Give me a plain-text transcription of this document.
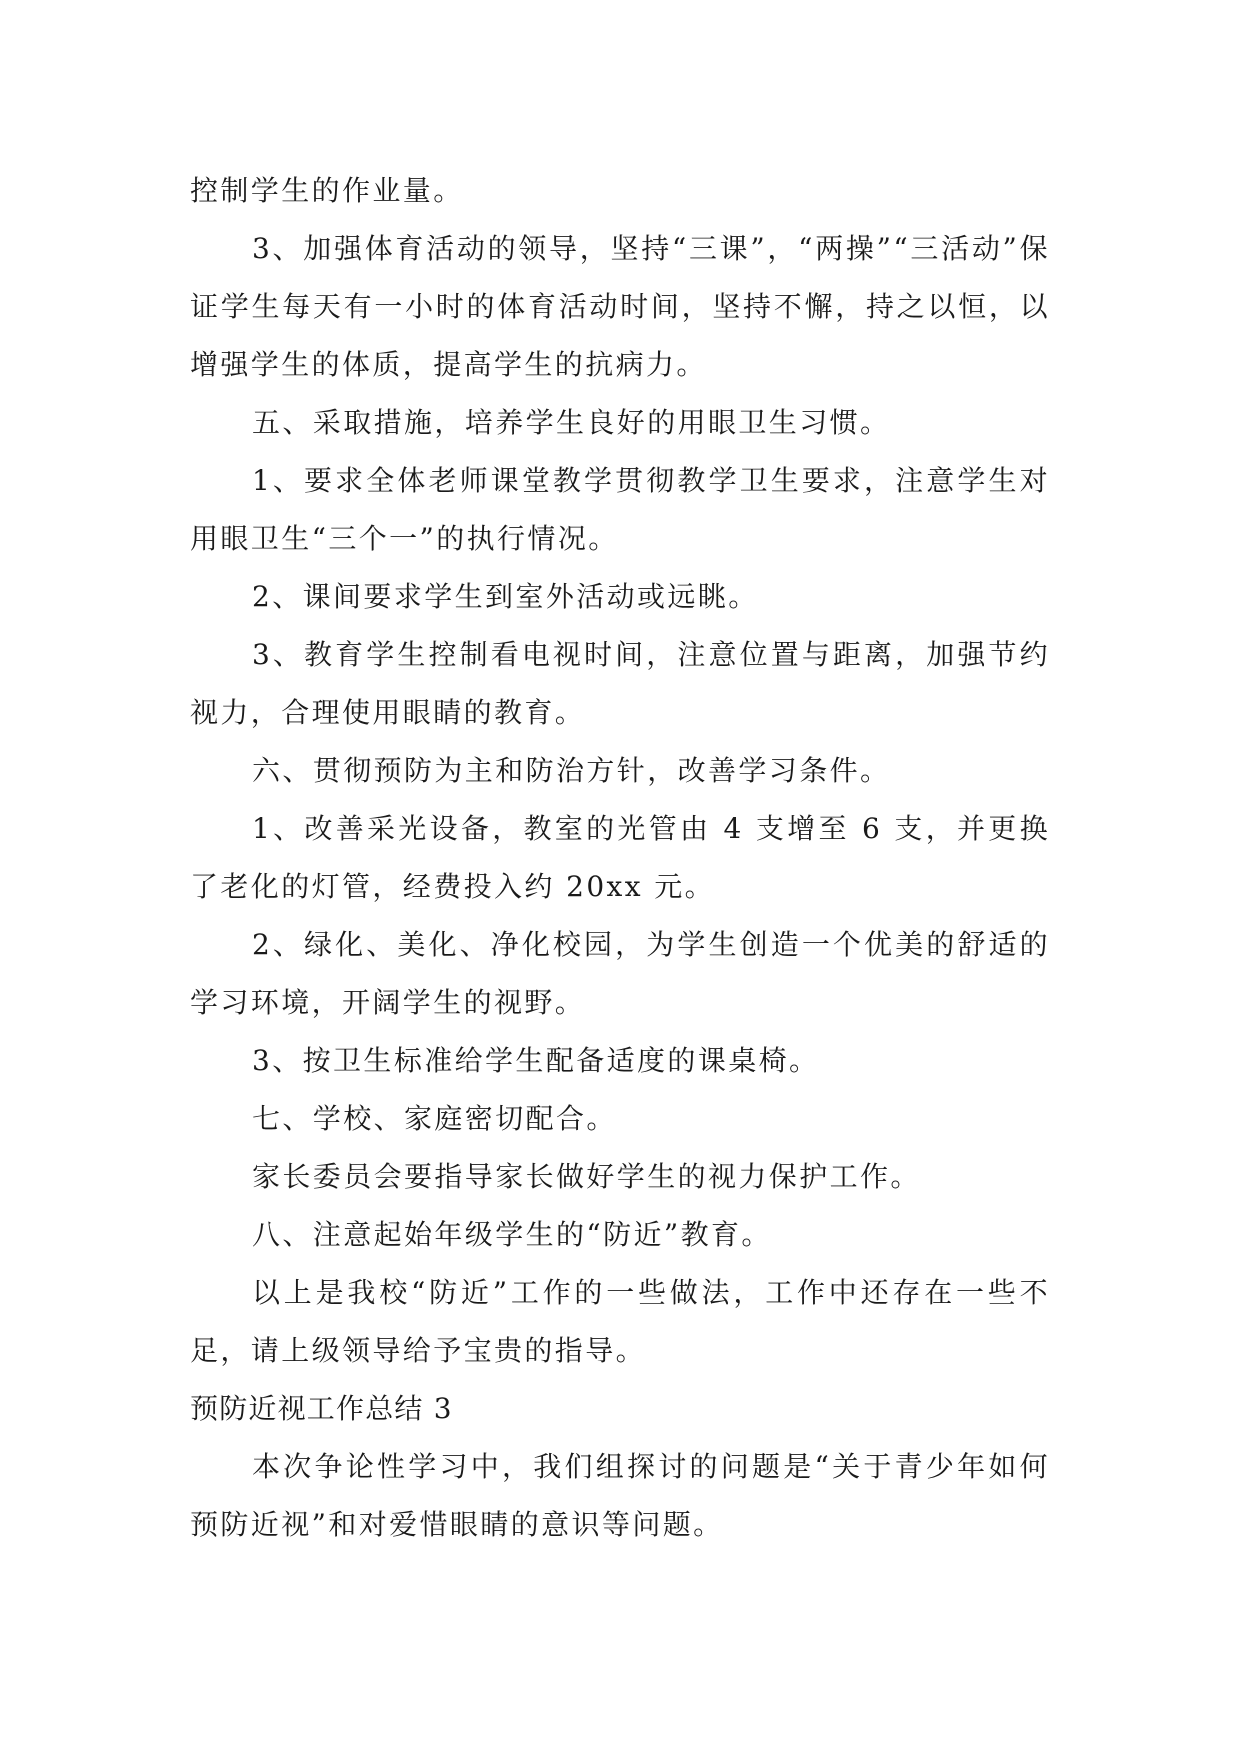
控制学生的作业量。

3、加强体育活动的领导，坚持“三课”，“两操”“三活动”保证学生每天有一小时的体育活动时间，坚持不懈，持之以恒，以增强学生的体质，提高学生的抗病力。

五、采取措施，培养学生良好的用眼卫生习惯。

1、要求全体老师课堂教学贯彻教学卫生要求，注意学生对用眼卫生“三个一”的执行情况。

2、课间要求学生到室外活动或远眺。

3、教育学生控制看电视时间，注意位置与距离，加强节约视力，合理使用眼睛的教育。

六、贯彻预防为主和防治方针，改善学习条件。

1、改善采光设备，教室的光管由 4 支增至 6 支，并更换了老化的灯管，经费投入约 20xx 元。

2、绿化、美化、净化校园，为学生创造一个优美的舒适的学习环境，开阔学生的视野。

3、按卫生标准给学生配备适度的课桌椅。

七、学校、家庭密切配合。

家长委员会要指导家长做好学生的视力保护工作。

八、注意起始年级学生的“防近”教育。

以上是我校“防近”工作的一些做法，工作中还存在一些不足，请上级领导给予宝贵的指导。

预防近视工作总结 3

本次争论性学习中，我们组探讨的问题是“关于青少年如何预防近视”和对爱惜眼睛的意识等问题。
